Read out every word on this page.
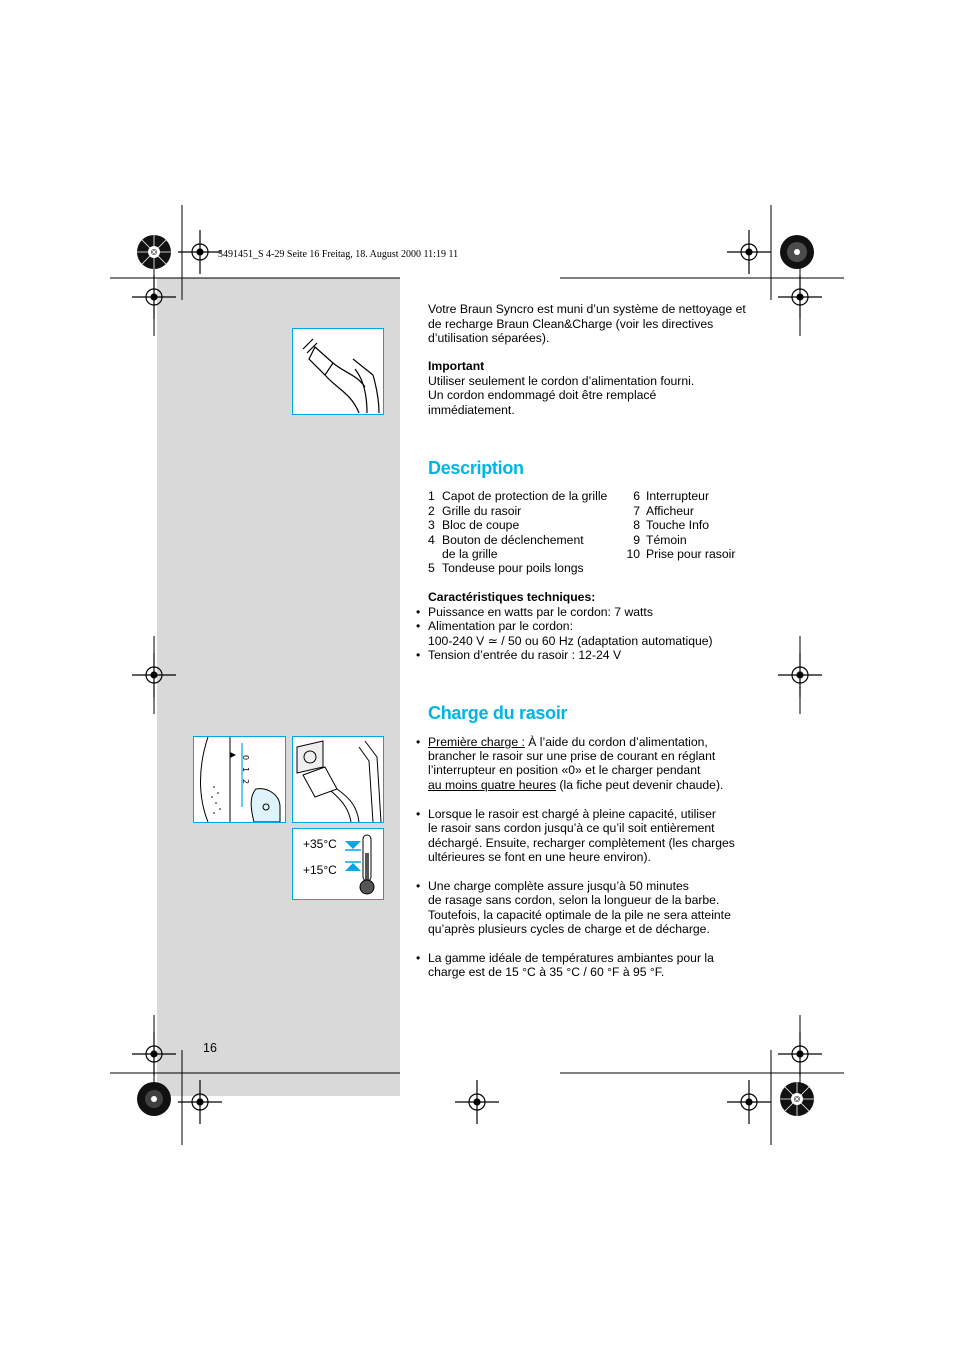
5491451_S 4-29 Seite 16 Freitag, 18. August 2000 11:19 11
0
1
2
+35°C
+15°C
Votre Braun Syncro est muni d’un système de nettoyage et
de recharge Braun Clean&Charge (voir les directives
d’utilisation séparées).
Important
Utiliser seulement le cordon d’alimentation fourni.
Un cordon endommagé doit être remplacé
immédiatement.
Description
1 Capot de protection de la grille
2 Grille du rasoir
3 Bloc de coupe
4 Bouton de déclenchement
de la grille
5 Tondeuse pour poils longs
6 Interrupteur
7 Afficheur
8 Touche Info
9 Témoin
10 Prise pour rasoir
Caractéristiques techniques:
• Puissance en watts par le cordon: 7 watts
• Alimentation par le cordon:
100-240 V ≃ / 50 ou 60 Hz (adaptation automatique)
• Tension d’entrée du rasoir : 12-24 V
Charge du rasoir
• Première charge : À l’aide du cordon d’alimentation,
brancher le rasoir sur une prise de courant en réglant
l’interrupteur en position «0» et le charger pendant
au moins quatre heures (la fiche peut devenir chaude).
• Lorsque le rasoir est chargé à pleine capacité, utiliser
le rasoir sans cordon jusqu’à ce qu’il soit entièrement
déchargé. Ensuite, recharger complètement (les charges
ultérieures se font en une heure environ).
• Une charge complète assure jusqu’à 50 minutes
de rasage sans cordon, selon la longueur de la barbe.
Toutefois, la capacité optimale de la pile ne sera atteinte
qu’après plusieurs cycles de charge et de décharge.
• La gamme idéale de températures ambiantes pour la
charge est de 15 °C à 35 °C / 60 °F à 95 °F.
16
